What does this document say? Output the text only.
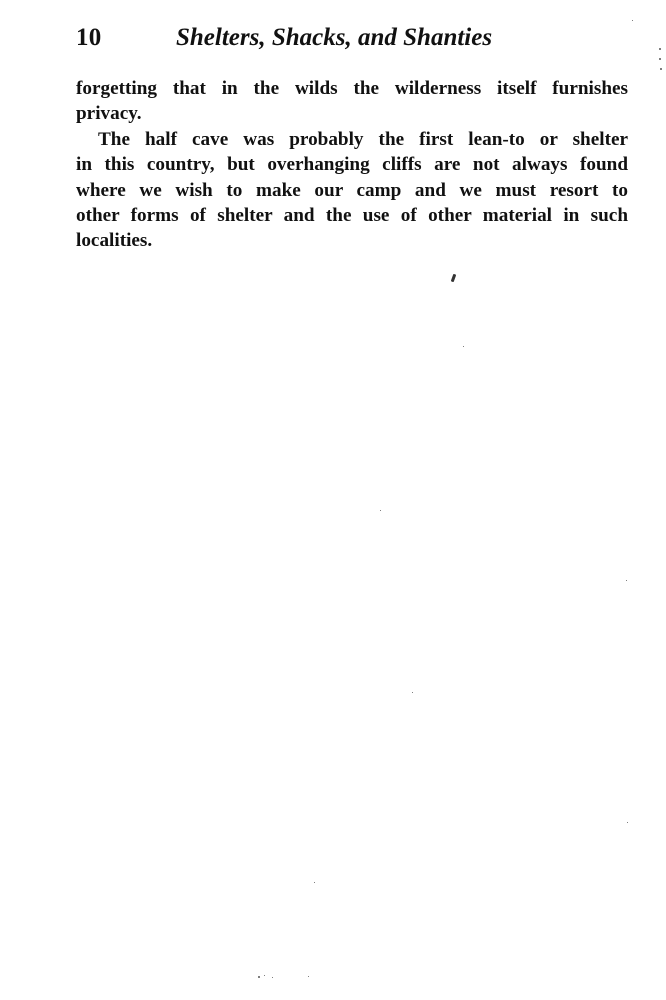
10	Shelters, Shacks, and Shanties
forgetting that in the wilds the wilderness itself furnishes
privacy.
The half cave was probably the first lean-to or shelter
in this country, but overhanging cliffs are not always found
where we wish to make our camp and we must resort to
other forms of shelter and the use of other material in such
localities.
